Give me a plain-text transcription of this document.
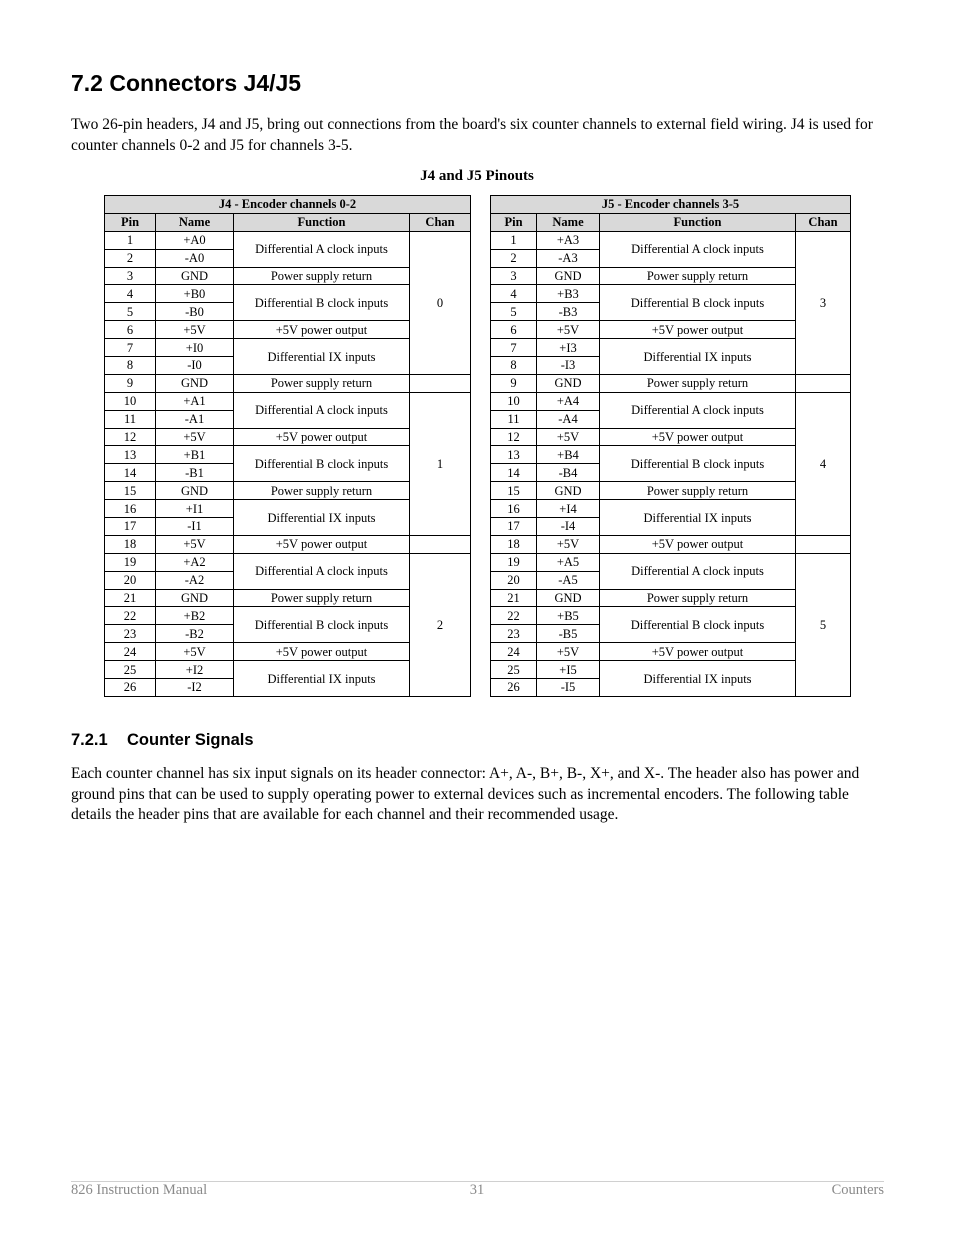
7.2 Connectors J4/J5

Two 26-pin headers, J4 and J5, bring out connections from the board's six counter channels to external field wiring. J4 is used for counter channels 0-2 and J5 for channels 3-5.

J4 and J5 Pinouts
J4 - Encoder channels 0-2			
Pin	Name	Function	Chan
1	+A0	Differential A clock inputs	0
2	-A0		
3	GND	Power supply return	
4	+B0	Differential B clock inputs	
5	-B0		
6	+5V	+5V power output	
7	+I0	Differential IX inputs	
8	-I0		
9	GND	Power supply return	
10	+A1	Differential A clock inputs	1
11	-A1		
12	+5V	+5V power output	
13	+B1	Differential B clock inputs	
14	-B1		
15	GND	Power supply return	
16	+I1	Differential IX inputs	
17	-I1		
18	+5V	+5V power output	
19	+A2	Differential A clock inputs	2
20	-A2		
21	GND	Power supply return	
22	+B2	Differential B clock inputs	
23	-B2		
24	+5V	+5V power output	
25	+I2	Differential IX inputs	
26	-I2		
J5 - Encoder channels 3-5			
Pin	Name	Function	Chan
1	+A3	Differential A clock inputs	3
2	-A3		
3	GND	Power supply return	
4	+B3	Differential B clock inputs	
5	-B3		
6	+5V	+5V power output	
7	+I3	Differential IX inputs	
8	-I3		
9	GND	Power supply return	
10	+A4	Differential A clock inputs	4
11	-A4		
12	+5V	+5V power output	
13	+B4	Differential B clock inputs	
14	-B4		
15	GND	Power supply return	
16	+I4	Differential IX inputs	
17	-I4		
18	+5V	+5V power output	
19	+A5	Differential A clock inputs	5
20	-A5		
21	GND	Power supply return	
22	+B5	Differential B clock inputs	
23	-B5		
24	+5V	+5V power output	
25	+I5	Differential IX inputs	
26	-I5		
7.2.1 Counter Signals

Each counter channel has six input signals on its header connector: A+, A-, B+, B-, X+, and X-. The header also has power and ground pins that can be used to supply operating power to external devices such as incremental encoders. The following table details the header pins that are available for each channel and their recommended usage.

826 Instruction Manual	31	Counters
